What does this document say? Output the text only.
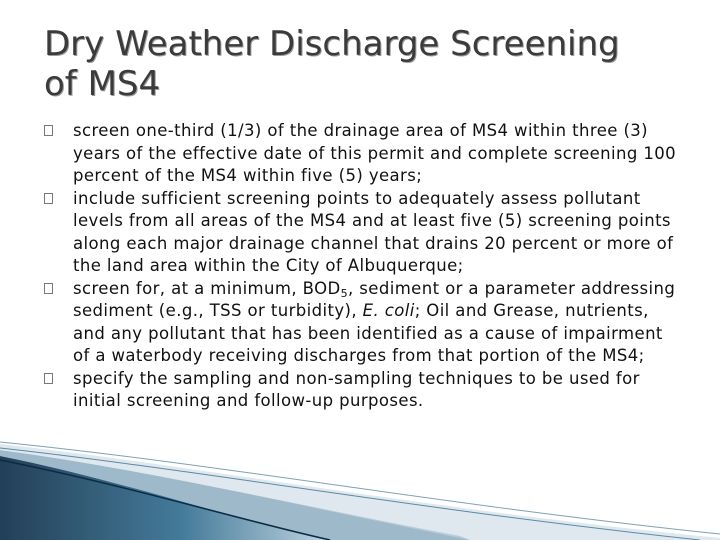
Dry Weather Discharge Screening
of MS4
screen one-third (1/3) of the drainage area of MS4 within three (3) years of the effective date of this permit and complete screening 100 percent of the MS4 within five (5) years;
include sufficient screening points to adequately assess pollutant levels from all areas of the MS4 and at least five (5) screening points along each major drainage channel that drains 20 percent or more of the land area within the City of Albuquerque;
screen for, at a minimum, $BOD_5$, sediment or a parameter addressing sediment (e.g., TSS or turbidity), E. coli; Oil and Grease, nutrients, and any pollutant that has been identified as a cause of impairment of a waterbody receiving discharges from that portion of the MS4;
specify the sampling and non-sampling techniques to be used for initial screening and follow-up purposes.
